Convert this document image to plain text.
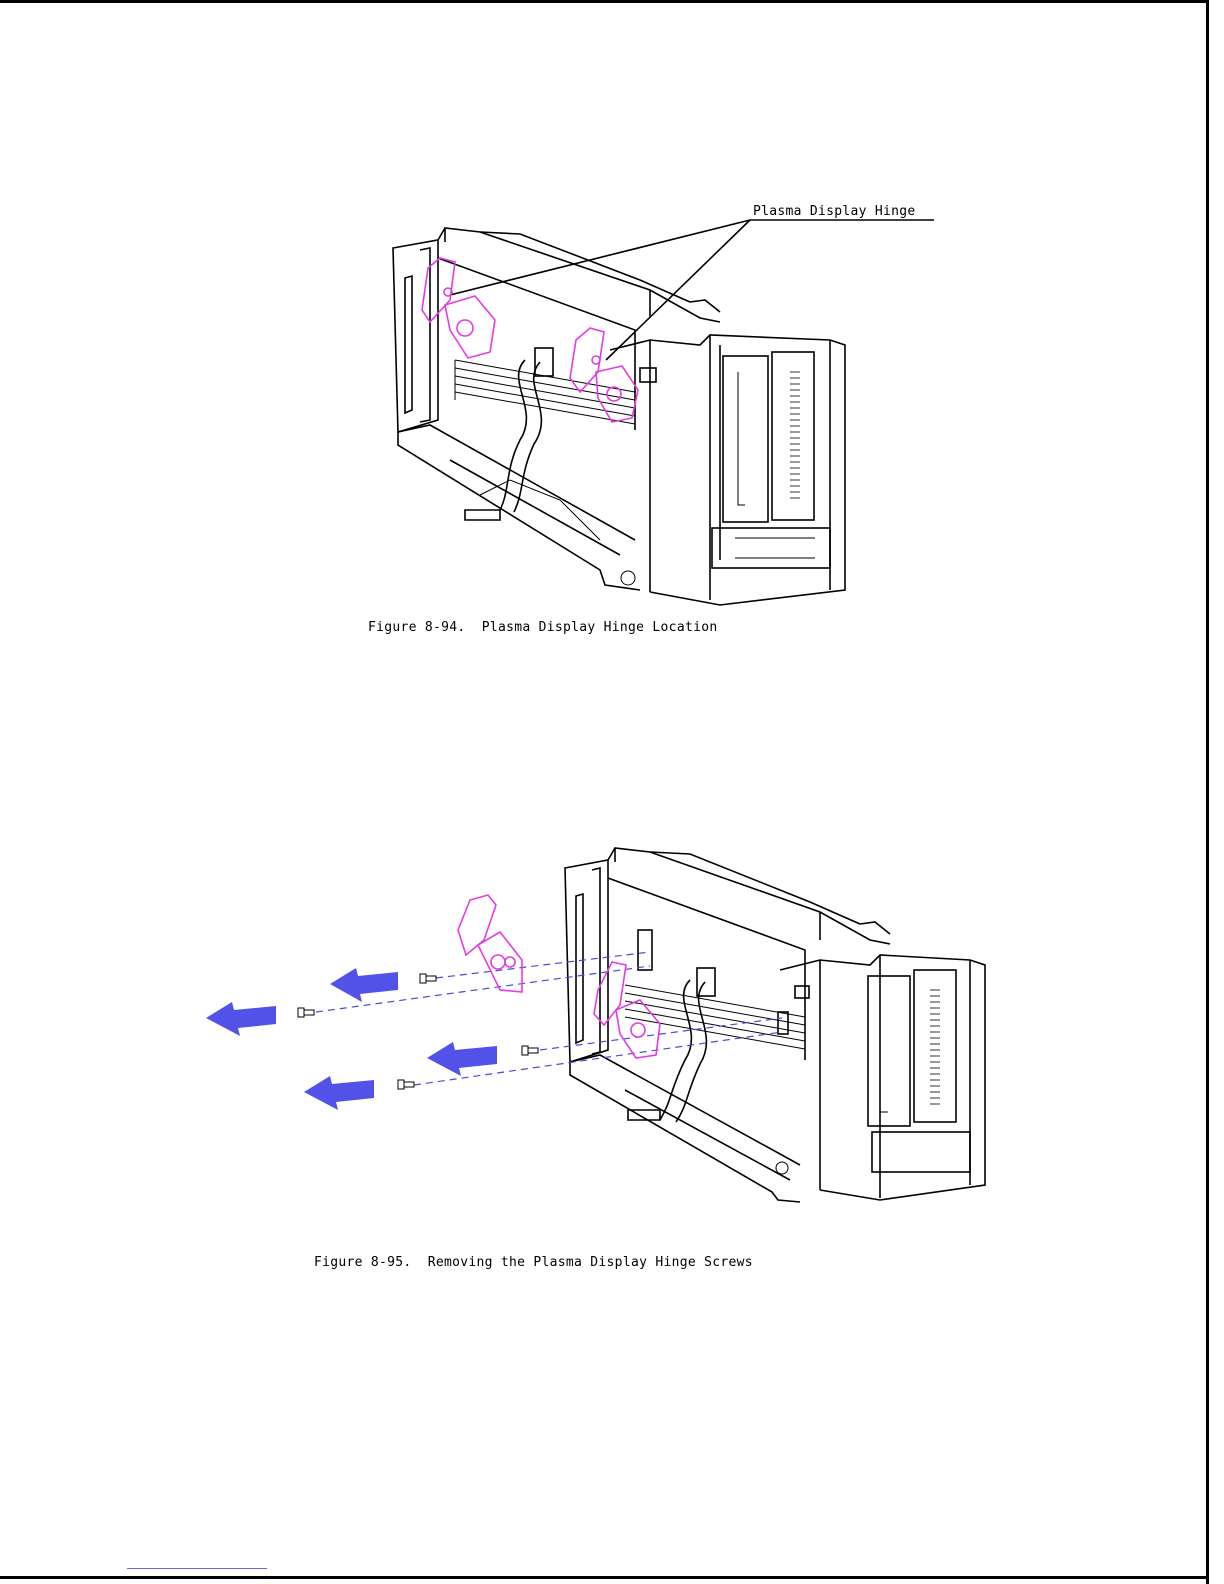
Plasma Display Hinge
Figure 8-94.  Plasma Display Hinge Location
Figure 8-95.  Removing the Plasma Display Hinge Screws
